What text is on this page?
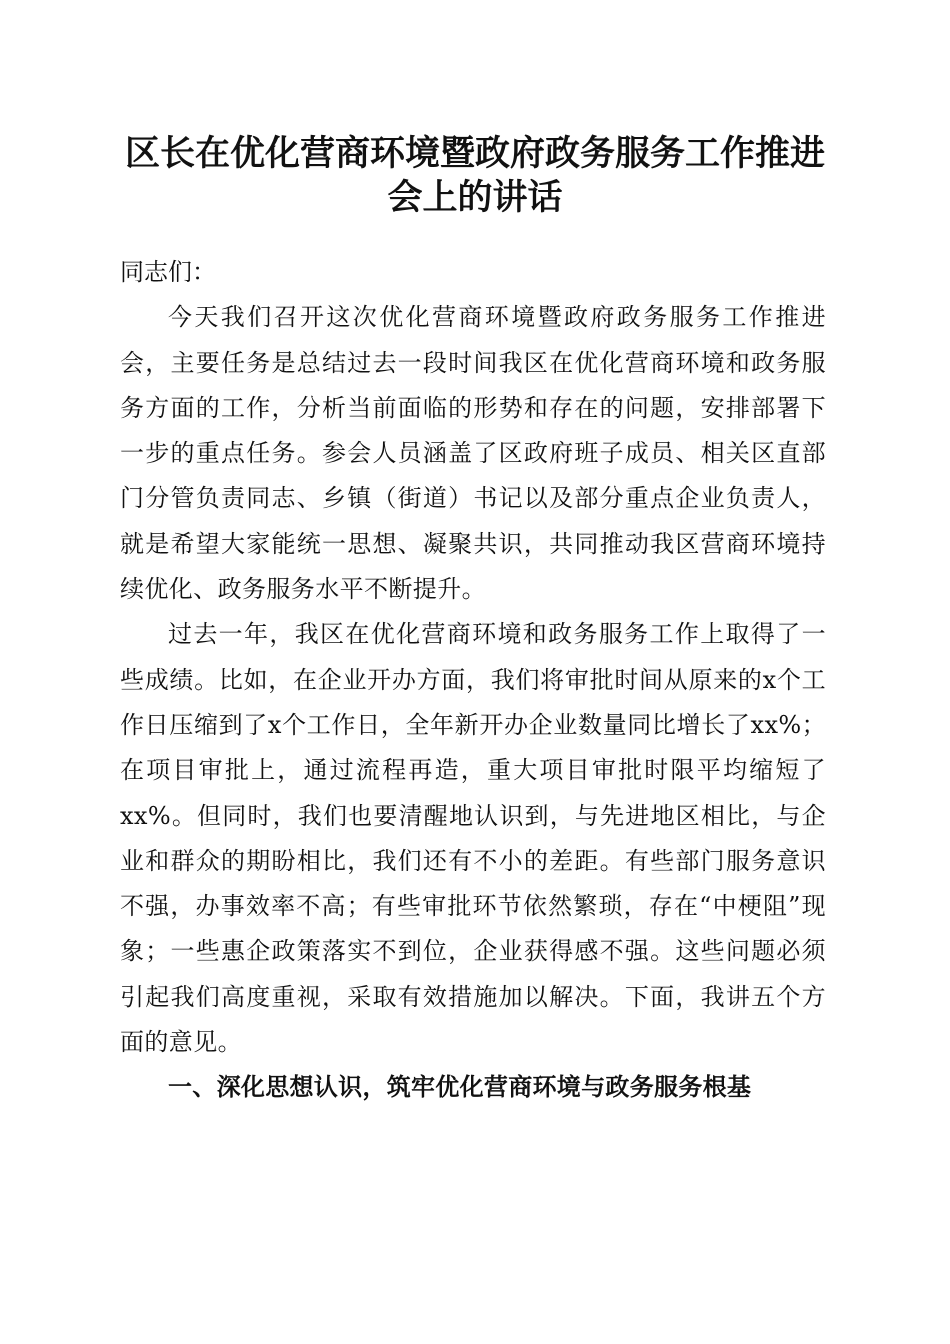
区长在优化营商环境暨政府政务服务工作推进
会上的讲话

同志们：

今天我们召开这次优化营商环境暨政府政务服务工作推进会，主要任务是总结过去一段时间我区在优化营商环境和政务服务方面的工作，分析当前面临的形势和存在的问题，安排部署下一步的重点任务。参会人员涵盖了区政府班子成员、相关区直部门分管负责同志、乡镇（街道）书记以及部分重点企业负责人，就是希望大家能统一思想、凝聚共识，共同推动我区营商环境持续优化、政务服务水平不断提升。

过去一年，我区在优化营商环境和政务服务工作上取得了一些成绩。比如，在企业开办方面，我们将审批时间从原来的x个工作日压缩到了x个工作日，全年新开办企业数量同比增长了xx%；在项目审批上，通过流程再造，重大项目审批时限平均缩短了xx%。但同时，我们也要清醒地认识到，与先进地区相比，与企业和群众的期盼相比，我们还有不小的差距。有些部门服务意识不强，办事效率不高；有些审批环节依然繁琐，存在“中梗阻”现象；一些惠企政策落实不到位，企业获得感不强。这些问题必须引起我们高度重视，采取有效措施加以解决。下面，我讲五个方面的意见。

一、深化思想认识，筑牢优化营商环境与政务服务根基
